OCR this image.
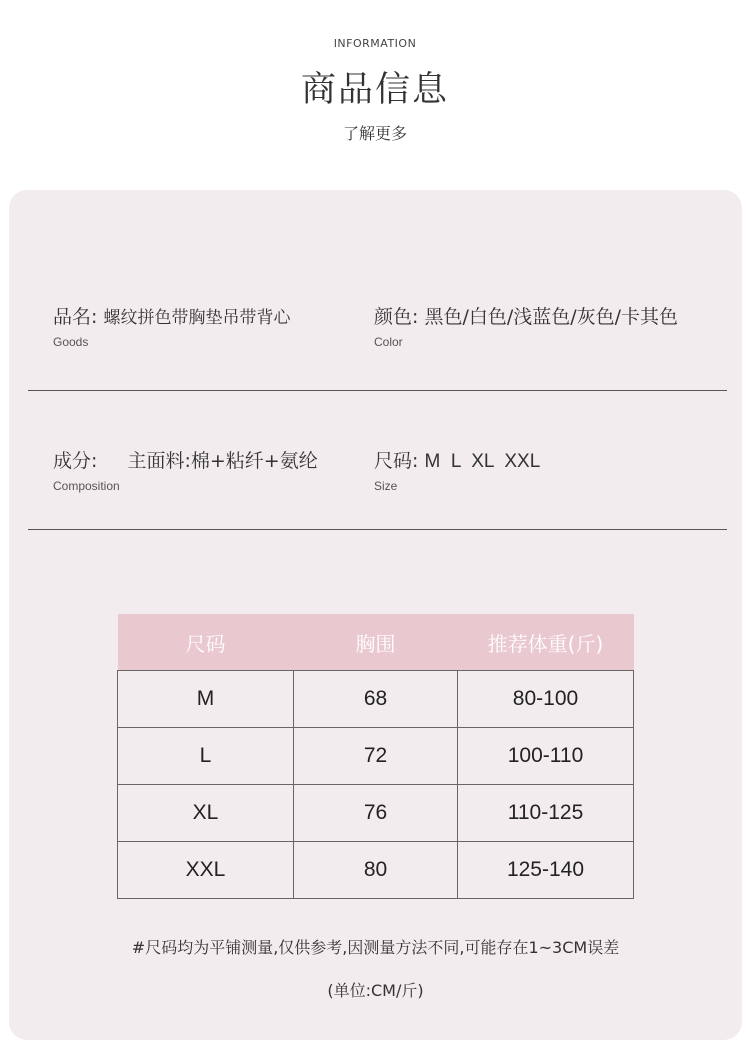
INFORMATION
商品信息
了解更多
品名: 螺纹拼色带胸垫吊带背心
Goods
颜色: 黑色/白色/浅蓝色/灰色/卡其色
Color
成分: 主面料:棉+粘纤+氨纶
Composition
尺码: M  L  XL  XXL
Size
尺码	胸围	推荐体重(斤)
M	68	80-100
L	72	100-110
XL	76	110-125
XXL	80	125-140
#尺码均为平铺测量,仅供参考,因测量方法不同,可能存在1~3CM误差
(单位:CM/斤)
